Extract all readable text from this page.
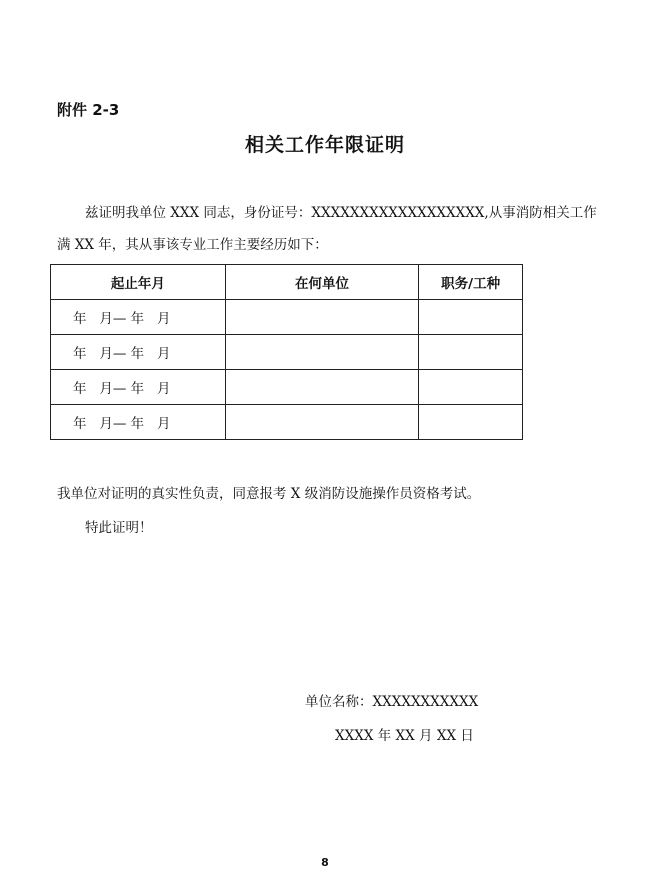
附件 2-3
相关工作年限证明
兹证明我单位 XXX 同志，身份证号：XXXXXXXXXXXXXXXXXX,从事消防相关工作满 XX 年，其从事该专业工作主要经历如下：
起止年月	在何单位	职务/工种
年   月— 年   月		
年   月— 年   月		
年   月— 年   月		
年   月— 年   月		
我单位对证明的真实性负责，同意报考 X 级消防设施操作员资格考试。
特此证明！
单位名称：XXXXXXXXXXX
XXXX 年 XX 月 XX 日
8
